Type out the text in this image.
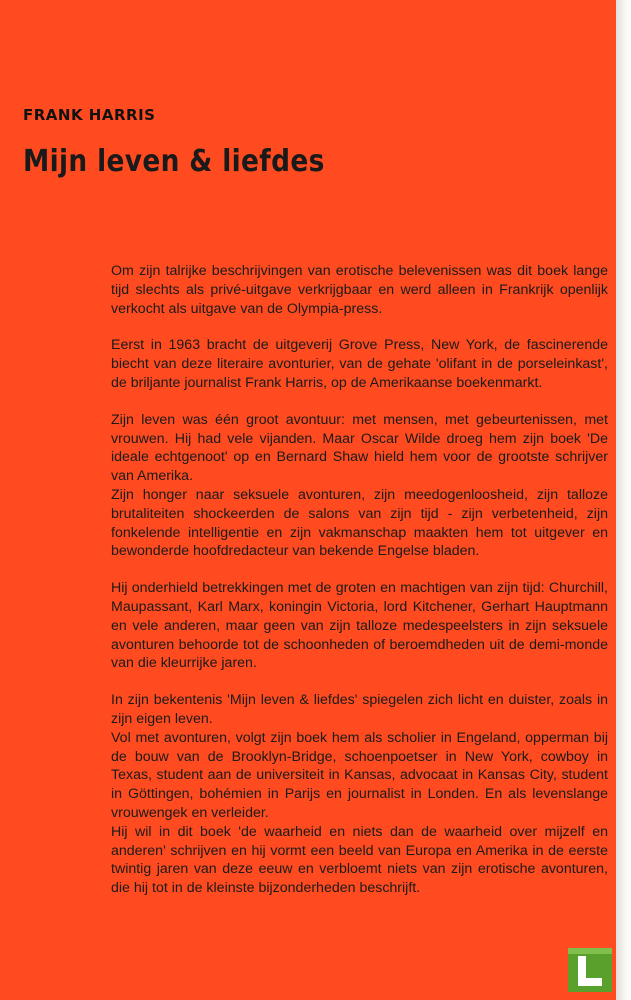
FRANK HARRIS
Mijn leven & liefdes

Om zijn talrijke beschrijvingen van erotische belevenissen was dit boek lange tijd slechts als privé-uitgave verkrijgbaar en werd alleen in Frankrijk openlijk verkocht als uitgave van de Olympia-press.

Eerst in 1963 bracht de uitgeverij Grove Press, New York, de fascinerende biecht van deze literaire avonturier, van de gehate 'olifant in de porseleinkast', de briljante journalist Frank Harris, op de Amerikaanse boekenmarkt.

Zijn leven was één groot avontuur: met mensen, met gebeurtenissen, met vrouwen. Hij had vele vijanden. Maar Oscar Wilde droeg hem zijn boek 'De ideale echtgenoot' op en Bernard Shaw hield hem voor de grootste schrijver van Amerika.

Zijn honger naar seksuele avonturen, zijn meedogenloosheid, zijn talloze brutaliteiten shockeerden de salons van zijn tijd - zijn verbetenheid, zijn fonkelende intelligentie en zijn vakmanschap maakten hem tot uitgever en bewonderde hoofdredacteur van bekende Engelse bladen.

Hij onderhield betrekkingen met de groten en machtigen van zijn tijd: Churchill, Maupassant, Karl Marx, koningin Victoria, lord Kitchener, Gerhart Hauptmann en vele anderen, maar geen van zijn talloze medespeelsters in zijn seksuele avonturen behoorde tot de schoonheden of beroemdheden uit de demi-monde van die kleurrijke jaren.

In zijn bekentenis 'Mijn leven & liefdes' spiegelen zich licht en duister, zoals in zijn eigen leven.

Vol met avonturen, volgt zijn boek hem als scholier in Engeland, opperman bij de bouw van de Brooklyn-Bridge, schoenpoetser in New York, cowboy in Texas, student aan de universiteit in Kansas, advocaat in Kansas City, student in Göttingen, bohémien in Parijs en journalist in Londen. En als levenslange vrouwengek en verleider.

Hij wil in dit boek 'de waarheid en niets dan de waarheid over mijzelf en anderen' schrijven en hij vormt een beeld van Europa en Amerika in de eerste twintig jaren van deze eeuw en verbloemt niets van zijn erotische avonturen, die hij tot in de kleinste bijzonderheden beschrijft.
